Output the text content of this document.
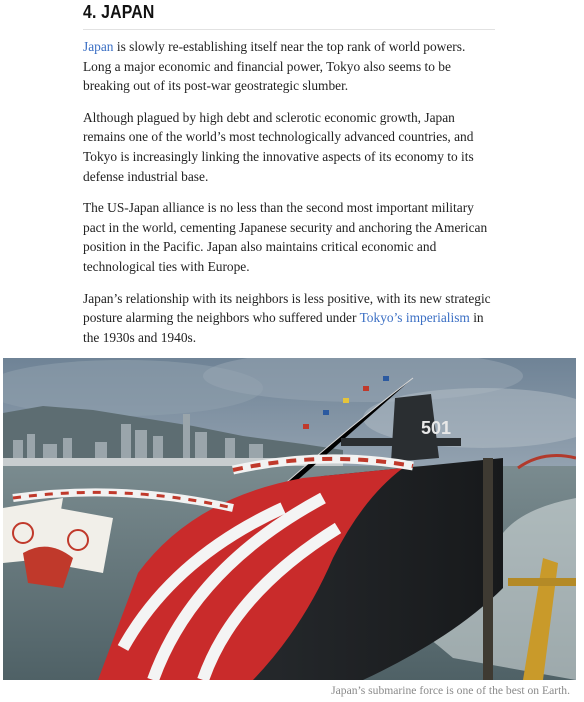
4. JAPAN

Japan is slowly re-establishing itself near the top rank of world powers. Long a major economic and financial power, Tokyo also seems to be breaking out of its post-war geostrategic slumber.

Although plagued by high debt and sclerotic economic growth, Japan remains one of the world’s most technologically advanced countries, and Tokyo is increasingly linking the innovative aspects of its economy to its defense industrial base.

The US-Japan alliance is no less than the second most important military pact in the world, cementing Japanese security and anchoring the American position in the Pacific. Japan also maintains critical economic and technological ties with Europe.

Japan’s relationship with its neighbors is less positive, with its new strategic posture alarming the neighbors who suffered under Tokyo’s imperialism in the 1930s and 1940s.

501
Japan’s submarine force is one of the best on Earth.
